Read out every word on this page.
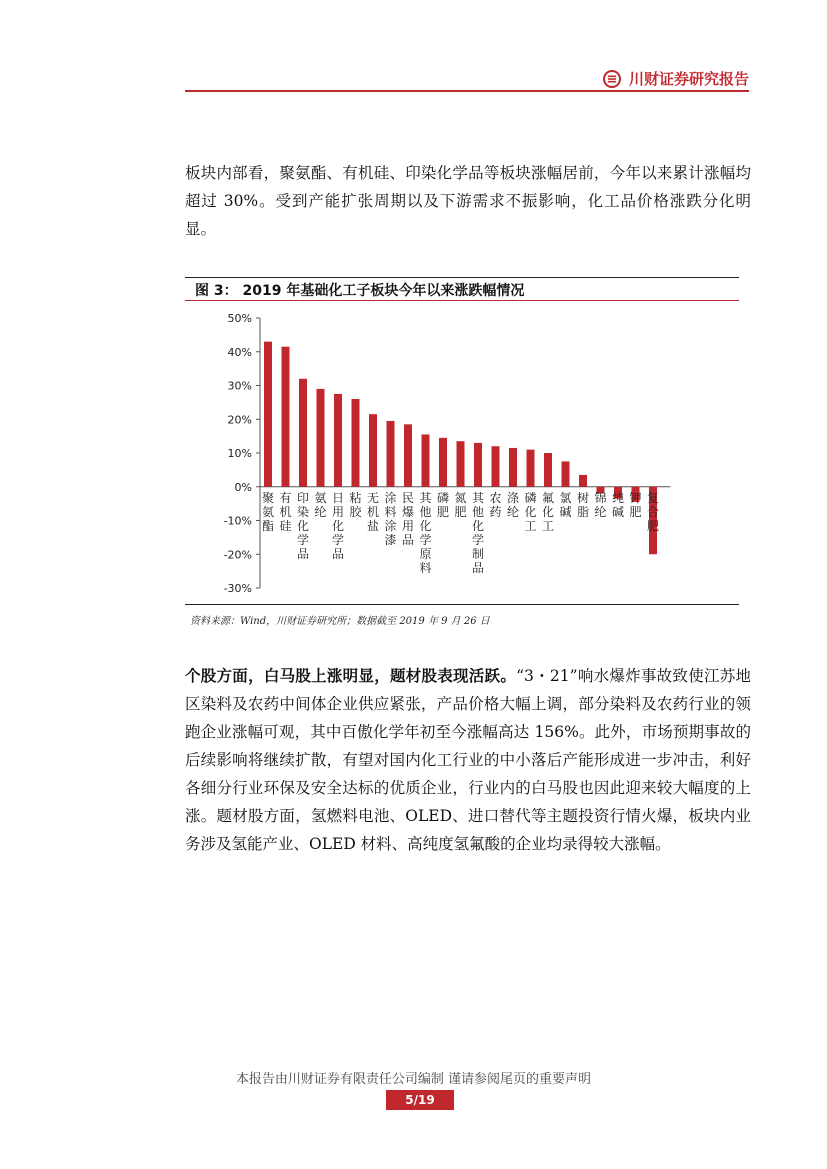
川财证券研究报告

板块内部看，聚氨酯、有机硅、印染化学品等板块涨幅居前，今年以来累计涨幅均超过 30%。受到产能扩张周期以及下游需求不振影响，化工品价格涨跌分化明显。

图 3： 2019 年基础化工子板块今年以来涨跌幅情况

50%
40%
30%
20%
10%
0%
-10%
-20%
-30%
聚氨酯
有机硅
印染化学品
氨纶
日用化学品
粘胶
无机盐
涂料涂漆
民爆用品
其他化学原料
磷肥
氮肥
其他化学制品
农药
涤纶
磷化工
氟化工
氯碱
树脂
锦纶
纯碱
钾肥
复合肥

资料来源：Wind，川财证券研究所；数据截至 2019 年 9 月 26 日

个股方面，白马股上涨明显，题材股表现活跃。“3・21”响水爆炸事故致使江苏地区染料及农药中间体企业供应紧张，产品价格大幅上调，部分染料及农药行业的领跑企业涨幅可观，其中百傲化学年初至今涨幅高达 156%。此外，市场预期事故的后续影响将继续扩散，有望对国内化工行业的中小落后产能形成进一步冲击，利好各细分行业环保及安全达标的优质企业，行业内的白马股也因此迎来较大幅度的上涨。题材股方面，氢燃料电池、OLED、进口替代等主题投资行情火爆，板块内业务涉及氢能产业、OLED 材料、高纯度氢氟酸的企业均录得较大涨幅。

本报告由川财证券有限责任公司编制 谨请参阅尾页的重要声明

5/19
